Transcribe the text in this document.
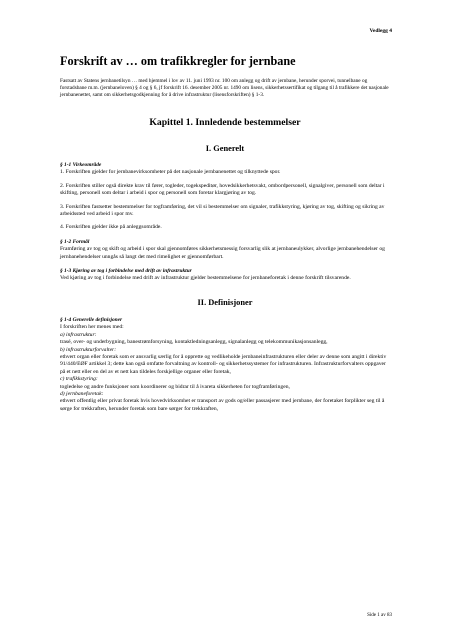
Vedlegg 4
Forskrift av … om trafikkregler for jernbane

Fastsatt av Statens jernbanetilsyn … med hjemmel i lov av 11. juni 1993 nr. 100 om anlegg og drift av jernbane, herunder sporvei, tunnelbane og forstadsbane m.m. (jernbaneloven) § 4 og § 6, jf forskrift 16. desember 2005 nr. 1490 om lisens, sikkerhetssertifikat og tilgang til å trafikkere det nasjonale jernbanenettet, samt om sikkerhetsgodkjenning for å drive infrastruktur (lisensforskriften) § 1-3.

Kapittel 1. Innledende bestemmelser
I. Generelt
§ 1-1 Virkeområde

1. Forskriften gjelder for jernbanevirksomheter på det nasjonale jernbanenettet og tilknyttede spor.

2. Forskriften stiller også direkte krav til fører, togleder, togekspeditør, hovedsikkerhetsvakt, ombordpersonell, signalgiver, personell som deltar i skifting, personell som deltar i arbeid i spor og personell som foretar klargjøring av tog.

3. Forskriften fastsetter bestemmelser for togframføring, det vil si bestemmelser om signaler, trafikkstyring, kjøring av tog, skifting og sikring av arbeidssted ved arbeid i spor mv.

4. Forskriften gjelder ikke på anleggsområde.

§ 1-2 Formål

Framføring av tog og skift og arbeid i spor skal gjennomføres sikkerhetsmessig forsvarlig slik at jernbaneulykker, alvorlige jernbanehendelser og jernbanehendelser unngås så langt det med rimelighet er gjennomførbart.

§ 1-3 Kjøring av tog i forbindelse med drift av infrastruktur

Ved kjøring av tog i forbindelse med drift av infrastruktur gjelder bestemmelsene for jernbaneforetak i denne forskrift tilsvarende.

II. Definisjoner
§ 1-4 Generelle definisjoner

I forskriften her menes med:

a) infrastruktur:

trasé, over- og underbygning, banestrømforsyning, kontaktledningsanlegg, signalanlegg og telekommunikasjonsanlegg,

b) infrastrukturforvalter:

ethvert organ eller foretak som er ansvarlig særlig for å opprette og vedlikeholde jernbaneinfrastrukturen eller deler av denne som angitt i direktiv 91/440/EØF artikkel 3; dette kan også omfatte forvaltning av kontroll- og sikkerhetssystemer for infrastrukturen. Infrastrukturforvalters oppgaver på et nett eller en del av et nett kan tildeles forskjellige organer eller foretak,

c) trafikkstyring:

togledelse og andre funksjoner som koordinerer og bidrar til å ivareta sikkerheten for togframføringen,

d) jernbaneforetak:

ethvert offentlig eller privat foretak hvis hovedvirksomhet er transport av gods og/eller passasjerer med jernbane, der foretaket forplikter seg til å sørge for trekkraften, herunder foretak som bare sørger for trekkraften,

Side 1 av 83
